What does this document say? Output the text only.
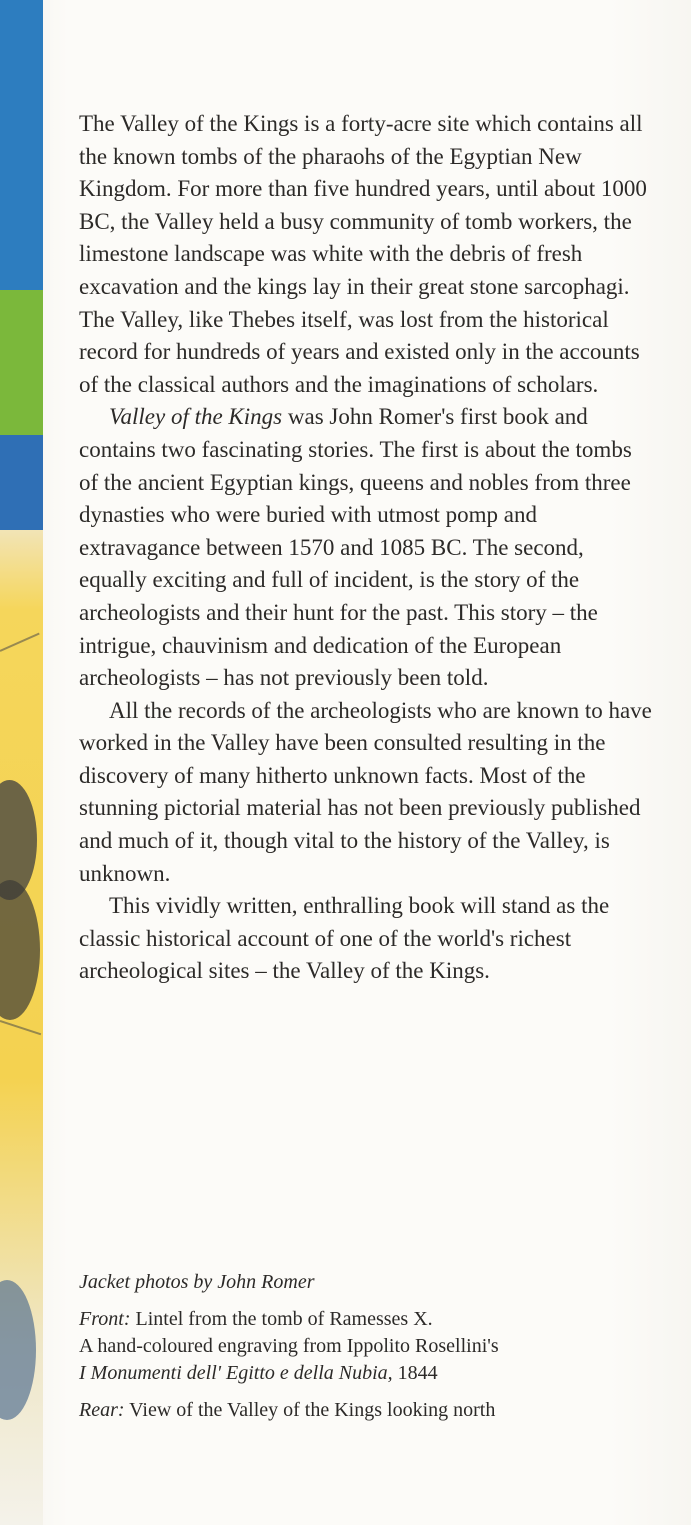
The Valley of the Kings is a forty-acre site which contains all the known tombs of the pharaohs of the Egyptian New Kingdom. For more than five hundred years, until about 1000 BC, the Valley held a busy community of tomb workers, the limestone landscape was white with the debris of fresh excavation and the kings lay in their great stone sarcophagi. The Valley, like Thebes itself, was lost from the historical record for hundreds of years and existed only in the accounts of the classical authors and the imaginations of scholars.

Valley of the Kings was John Romer's first book and contains two fascinating stories. The first is about the tombs of the ancient Egyptian kings, queens and nobles from three dynasties who were buried with utmost pomp and extravagance between 1570 and 1085 BC. The second, equally exciting and full of incident, is the story of the archeologists and their hunt for the past. This story – the intrigue, chauvinism and dedication of the European archeologists – has not previously been told.

All the records of the archeologists who are known to have worked in the Valley have been consulted resulting in the discovery of many hitherto unknown facts. Most of the stunning pictorial material has not been previously published and much of it, though vital to the history of the Valley, is unknown.

This vividly written, enthralling book will stand as the classic historical account of one of the world's richest archeological sites – the Valley of the Kings.

Jacket photos by John Romer

Front: Lintel from the tomb of Ramesses X.

A hand-coloured engraving from Ippolito Rosellini's

I Monumenti dell' Egitto e della Nubia, 1844

Rear: View of the Valley of the Kings looking north
